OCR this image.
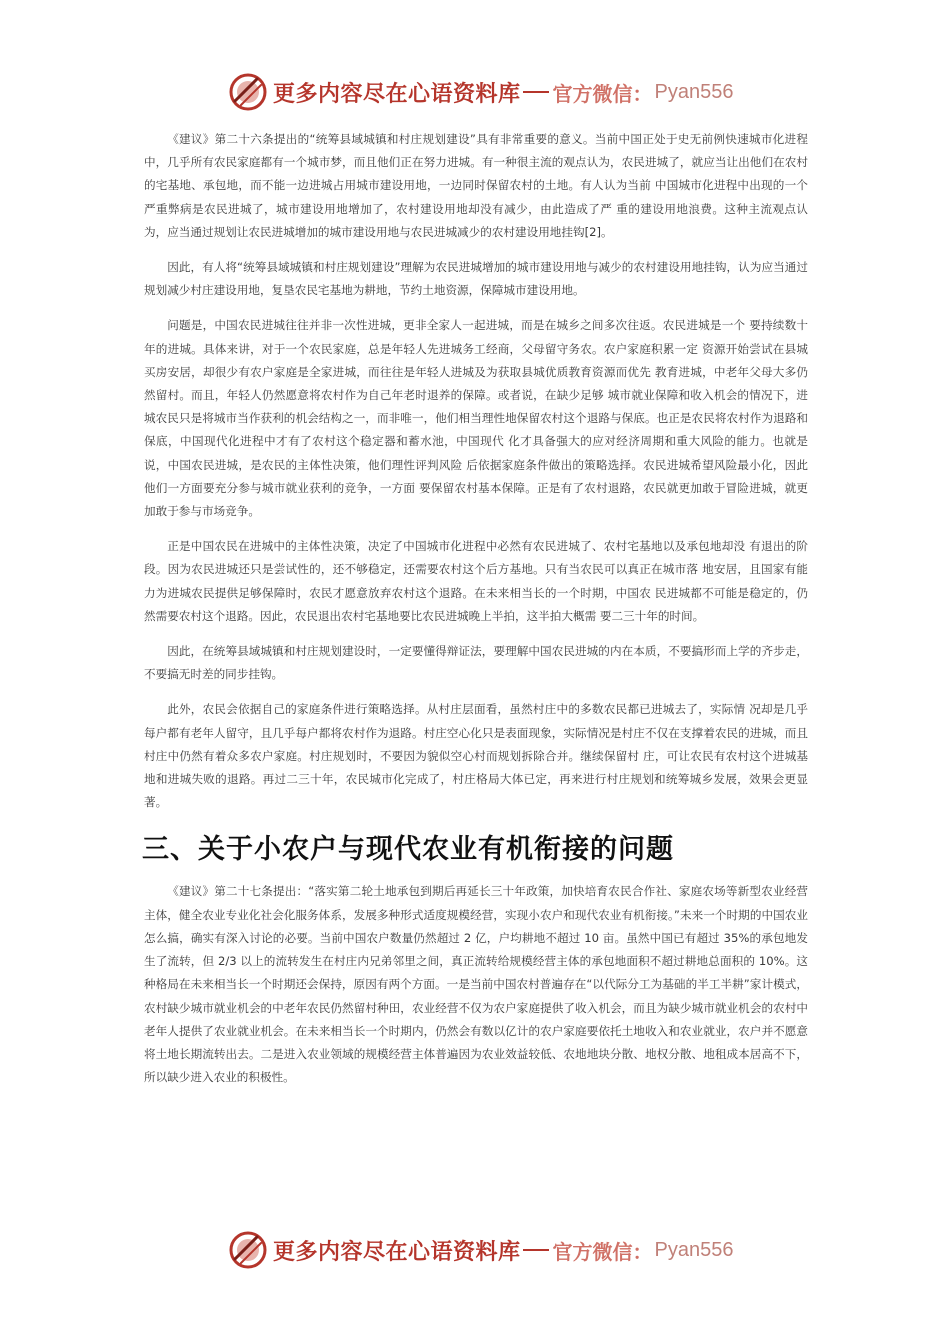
更多内容尽在心语资料库 官方微信： Pyan556

《建议》第二十六条提出的“统筹县域城镇和村庄规划建设”具有非常重要的意义。当前中国正处于史无前例快速城市化进程中，几乎所有农民家庭都有一个城市梦，而且他们正在努力进城。有一种很主流的观点认为，农民进城了，就应当让出他们在农村的宅基地、承包地，而不能一边进城占用城市建设用地，一边同时保留农村的土地。有人认为当前 中国城市化进程中出现的一个严重弊病是农民进城了，城市建设用地增加了，农村建设用地却没有减少，由此造成了严 重的建设用地浪费。这种主流观点认为，应当通过规划让农民进城增加的城市建设用地与农民进城减少的农村建设用地挂钩[2]。

因此，有人将“统筹县域城镇和村庄规划建设”理解为农民进城增加的城市建设用地与减少的农村建设用地挂钩，认为应当通过规划减少村庄建设用地，复垦农民宅基地为耕地，节约土地资源，保障城市建设用地。

问题是，中国农民进城往往并非一次性进城，更非全家人一起进城，而是在城乡之间多次往返。农民进城是一个 要持续数十年的进城。具体来讲，对于一个农民家庭，总是年轻人先进城务工经商，父母留守务农。农户家庭积累一定 资源开始尝试在县城买房安居，却很少有农户家庭是全家进城，而往往是年轻人进城及为获取县城优质教育资源而优先 教育进城，中老年父母大多仍然留村。而且，年轻人仍然愿意将农村作为自己年老时退养的保障。或者说，在缺少足够 城市就业保障和收入机会的情况下，进城农民只是将城市当作获利的机会结构之一，而非唯一，他们相当理性地保留农村这个退路与保底。也正是农民将农村作为退路和保底，中国现代化进程中才有了农村这个稳定器和蓄水池，中国现代 化才具备强大的应对经济周期和重大风险的能力。也就是说，中国农民进城，是农民的主体性决策，他们理性评判风险 后依据家庭条件做出的策略选择。农民进城希望风险最小化，因此他们一方面要充分参与城市就业获利的竞争，一方面 要保留农村基本保障。正是有了农村退路，农民就更加敢于冒险进城，就更加敢于参与市场竞争。

正是中国农民在进城中的主体性决策，决定了中国城市化进程中必然有农民进城了、农村宅基地以及承包地却没 有退出的阶段。因为农民进城还只是尝试性的，还不够稳定，还需要农村这个后方基地。只有当农民可以真正在城市落 地安居，且国家有能力为进城农民提供足够保障时，农民才愿意放弃农村这个退路。在未来相当长的一个时期，中国农 民进城都不可能是稳定的，仍然需要农村这个退路。因此，农民退出农村宅基地要比农民进城晚上半拍，这半拍大概需 要二三十年的时间。

因此，在统筹县域城镇和村庄规划建设时，一定要懂得辩证法，要理解中国农民进城的内在本质，不要搞形而上学的齐步走，不要搞无时差的同步挂钩。

此外，农民会依据自己的家庭条件进行策略选择。从村庄层面看，虽然村庄中的多数农民都已进城去了，实际情 况却是几乎每户都有老年人留守，且几乎每户都将农村作为退路。村庄空心化只是表面现象，实际情况是村庄不仅在支撑着农民的进城，而且村庄中仍然有着众多农户家庭。村庄规划时，不要因为貌似空心村而规划拆除合并。继续保留村 庄，可让农民有农村这个进城基地和进城失败的退路。再过二三十年，农民城市化完成了，村庄格局大体已定，再来进行村庄规划和统筹城乡发展，效果会更显著。

三、关于小农户与现代农业有机衔接的问题

《建议》第二十七条提出：“落实第二轮土地承包到期后再延长三十年政策，加快培育农民合作社、家庭农场等新型农业经营主体，健全农业专业化社会化服务体系，发展多种形式适度规模经营，实现小农户和现代农业有机衔接。”未来一个时期的中国农业怎么搞，确实有深入讨论的必要。当前中国农户数量仍然超过 2 亿，户均耕地不超过 10 亩。虽然中国已有超过 35%的承包地发生了流转，但 2/3 以上的流转发生在村庄内兄弟邻里之间，真正流转给规模经营主体的承包地面积不超过耕地总面积的 10%。这种格局在未来相当长一个时期还会保持，原因有两个方面。一是当前中国农村普遍存在“以代际分工为基础的半工半耕”家计模式，农村缺少城市就业机会的中老年农民仍然留村种田，农业经营不仅为农户家庭提供了收入机会，而且为缺少城市就业机会的农村中老年人提供了农业就业机会。在未来相当长一个时期内，仍然会有数以亿计的农户家庭要依托土地收入和农业就业，农户并不愿意将土地长期流转出去。二是进入农业领域的规模经营主体普遍因为农业效益较低、农地地块分散、地权分散、地租成本居高不下，所以缺少进入农业的积极性。

更多内容尽在心语资料库 官方微信： Pyan556
